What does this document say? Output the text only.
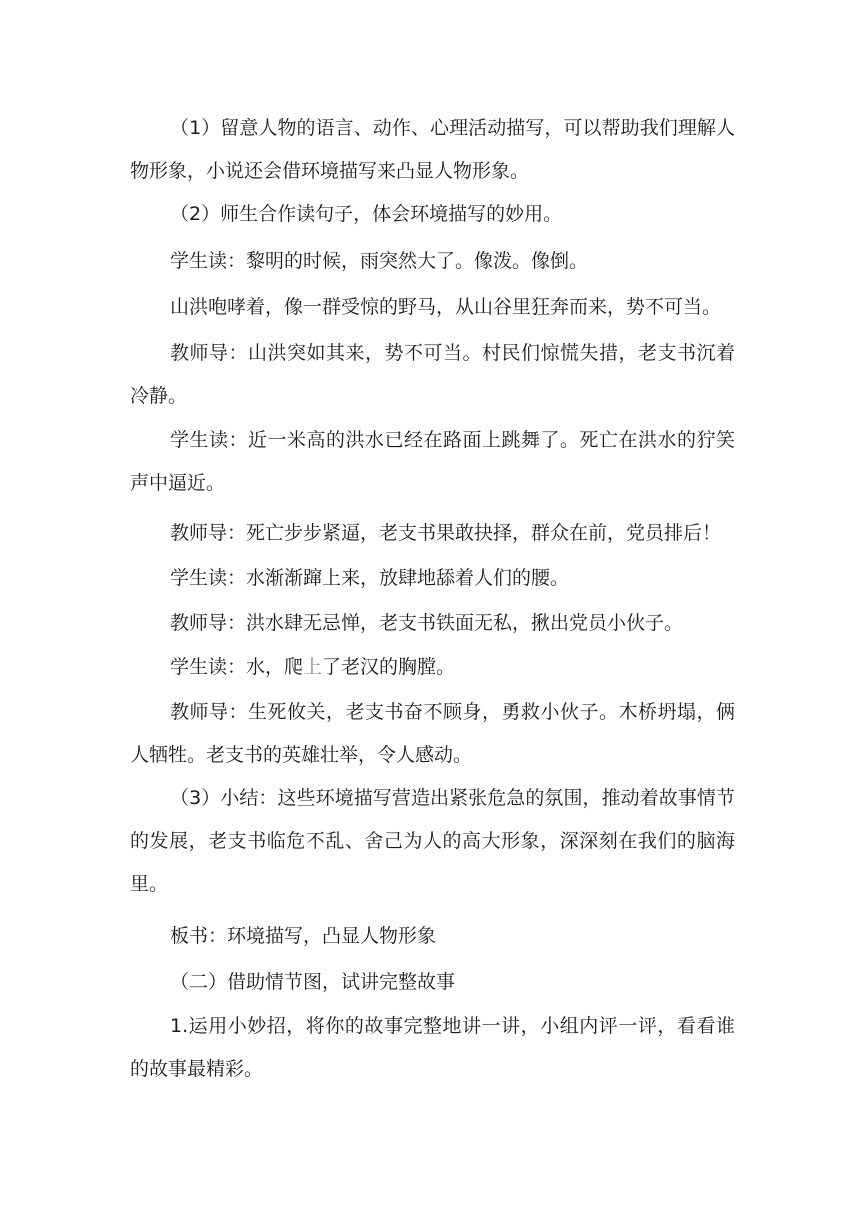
（1）留意人物的语言、动作、心理活动描写，可以帮助我们理解人物形象，小说还会借环境描写来凸显人物形象。

（2）师生合作读句子，体会环境描写的妙用。

学生读：黎明的时候，雨突然大了。像泼。像倒。

山洪咆哮着，像一群受惊的野马，从山谷里狂奔而来，势不可当。

教师导：山洪突如其来，势不可当。村民们惊慌失措，老支书沉着冷静。

学生读：近一米高的洪水已经在路面上跳舞了。死亡在洪水的狞笑声中逼近。

教师导：死亡步步紧逼，老支书果敢抉择，群众在前，党员排后！

学生读：水渐渐蹿上来，放肆地舔着人们的腰。

教师导：洪水肆无忌惮，老支书铁面无私，揪出党员小伙子。

学生读：水，爬上了老汉的胸膛。

教师导：生死攸关，老支书奋不顾身，勇救小伙子。木桥坍塌，俩人牺牲。老支书的英雄壮举，令人感动。

（3）小结：这些环境描写营造出紧张危急的氛围，推动着故事情节的发展，老支书临危不乱、舍己为人的高大形象，深深刻在我们的脑海里。

板书：环境描写，凸显人物形象

（二）借助情节图，试讲完整故事

1.运用小妙招，将你的故事完整地讲一讲，小组内评一评，看看谁的故事最精彩。
